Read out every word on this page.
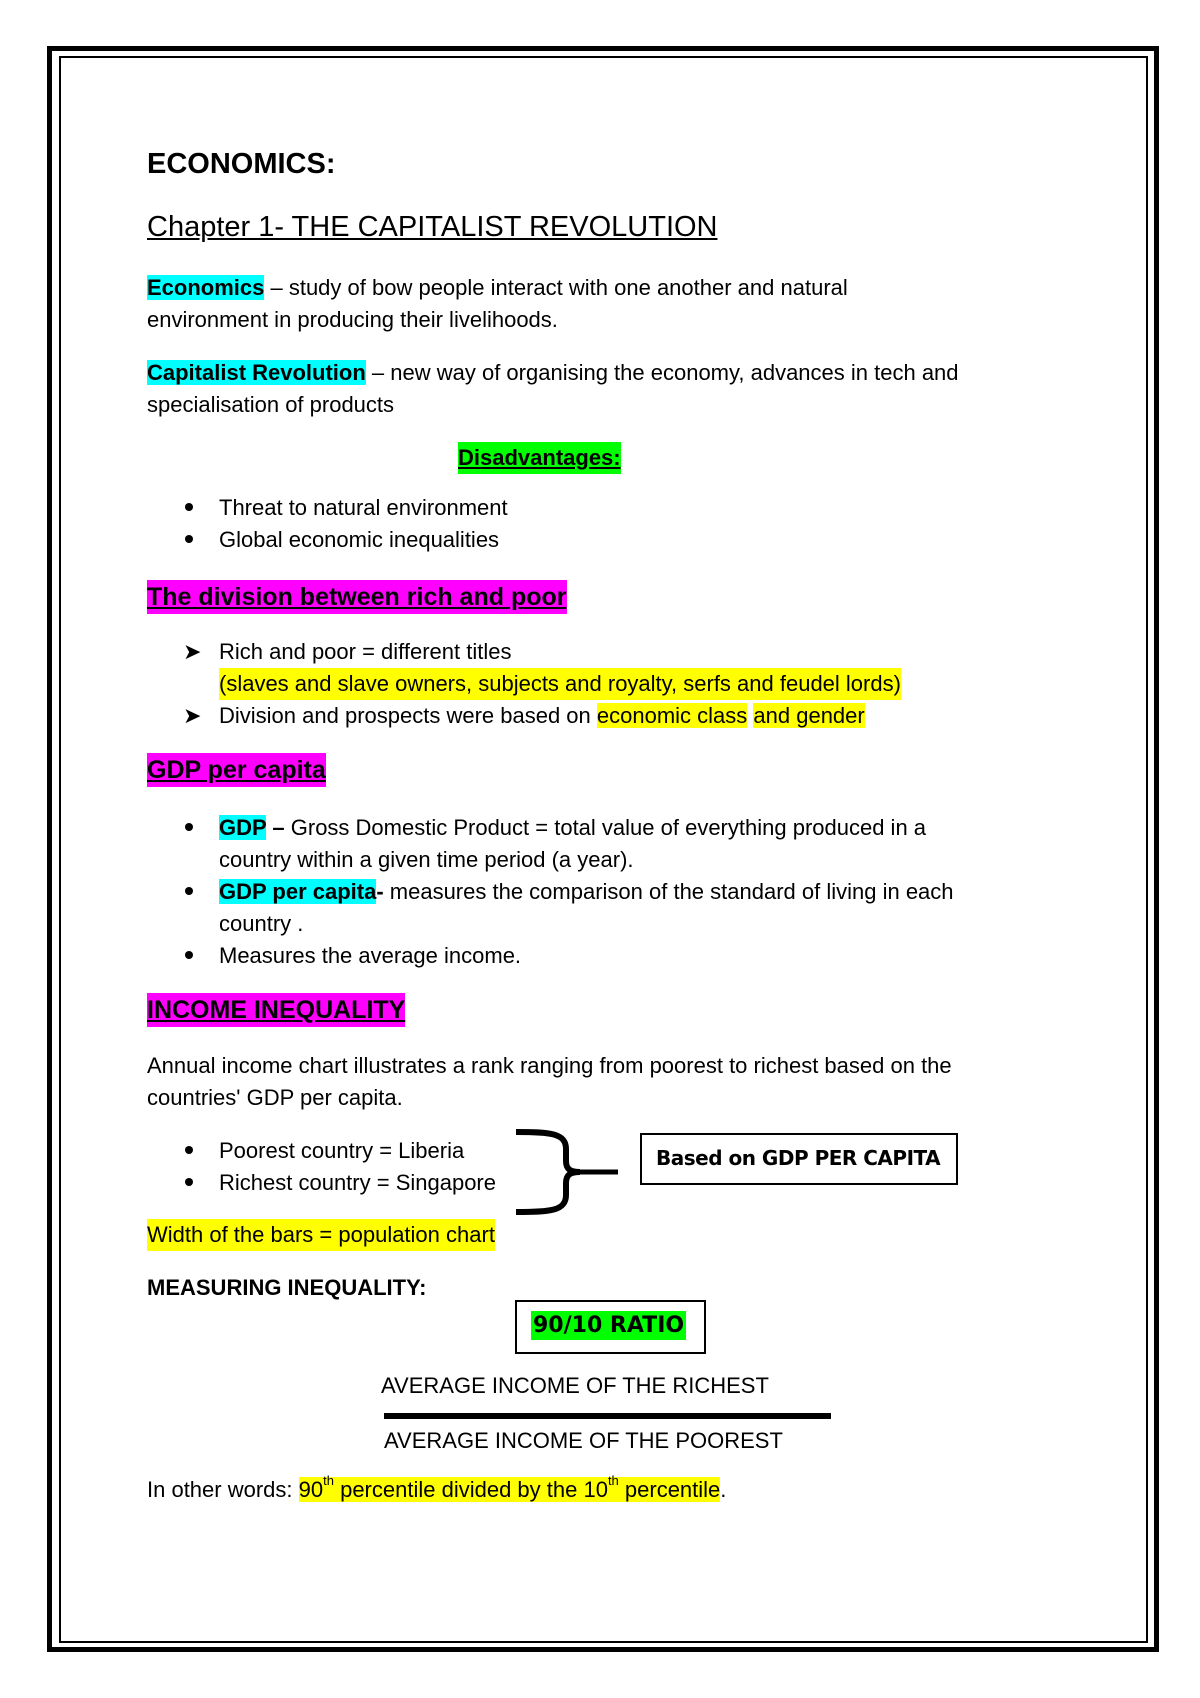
ECONOMICS:
Chapter 1- THE CAPITALIST REVOLUTION
Economics – study of bow people interact with one another and natural
environment in producing their livelihoods.
Capitalist Revolution – new way of organising the economy, advances in tech and
specialisation of products
Disadvantages:
Threat to natural environment
Global economic inequalities
The division between rich and poor
➤ Rich and poor = different titles
(slaves and slave owners, subjects and royalty, serfs and feudel lords)
➤ Division and prospects were based on economic class and gender
GDP per capita
GDP – Gross Domestic Product = total value of everything produced in a
country within a given time period (a year).
GDP per capita- measures the comparison of the standard of living in each
country .
Measures the average income.
INCOME INEQUALITY
Annual income chart illustrates a rank ranging from poorest to richest based on the
countries' GDP per capita.
Poorest country = Liberia
Richest country = Singapore
Based on GDP PER CAPITA
Width of the bars = population chart
MEASURING INEQUALITY:
90/10 RATIO
AVERAGE INCOME OF THE RICHEST
AVERAGE INCOME OF THE POOREST
In other words: 90th percentile divided by the 10th percentile.
